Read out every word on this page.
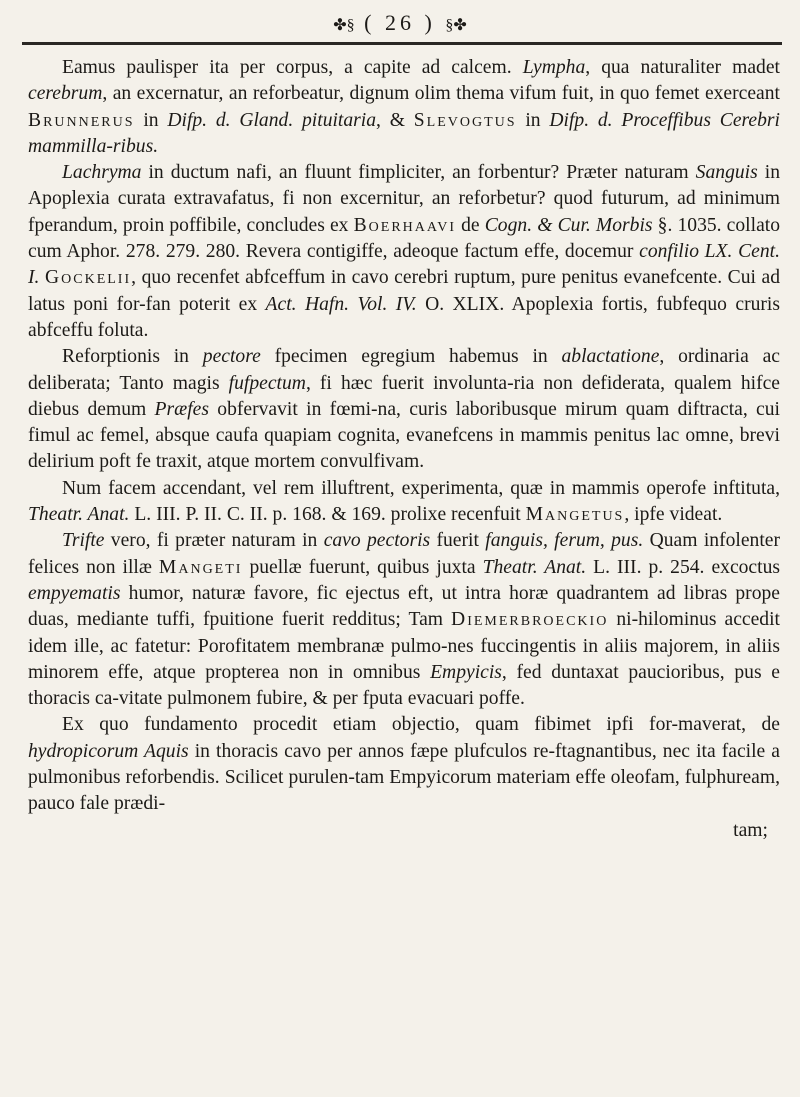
✤§ ( 26 ) §✤

Eamus paulisper ita per corpus, a capite ad calcem. Lympha, qua naturaliter madet cerebrum, an excernatur, an reforbeatur, dignum olim thema vifum fuit, in quo femet exerceant Brunnerus in Difp. d. Gland. pituitaria, & Slevogtus in Difp. d. Proceffibus Cerebri mammilla-ribus.

Lachryma in ductum nafi, an fluunt fimpliciter, an forbentur? Præter naturam Sanguis in Apoplexia curata extravafatus, fi non excernitur, an reforbetur? quod futurum, ad minimum fperandum, proin poffibile, concludes ex Boerhaavi de Cogn. & Cur. Morbis §. 1035. collato cum Aphor. 278. 279. 280. Revera contigiffe, adeoque factum effe, docemur confilio LX. Cent. I. Gockelii, quo recenfet abfceffum in cavo cerebri ruptum, pure penitus evanefcente. Cui ad latus poni for-fan poterit ex Act. Hafn. Vol. IV. O. XLIX. Apoplexia fortis, fubfequo cruris abfceffu foluta.

Reforptionis in pectore fpecimen egregium habemus in ablactatione, ordinaria ac deliberata; Tanto magis fufpectum, fi hæc fuerit involunta-ria non defiderata, qualem hifce diebus demum Præfes obfervavit in fœmi-na, curis laboribusque mirum quam diftracta, cui fimul ac femel, absque caufa quapiam cognita, evanefcens in mammis penitus lac omne, brevi delirium poft fe traxit, atque mortem convulfivam.

Num facem accendant, vel rem illuftrent, experimenta, quæ in mammis operofe inftituta, Theatr. Anat. L. III. P. II. C. II. p. 168. & 169. prolixe recenfuit Mangetus, ipfe videat.

Trifte vero, fi præter naturam in cavo pectoris fuerit fanguis, ferum, pus. Quam infolenter felices non illæ Mangeti puellæ fuerunt, quibus juxta Theatr. Anat. L. III. p. 254. excoctus empyematis humor, naturæ favore, fic ejectus eft, ut intra horæ quadrantem ad libras prope duas, mediante tuffi, fpuitione fuerit redditus; Tam Diemerbroeckio ni-hilominus accedit idem ille, ac fatetur: Porofitatem membranæ pulmo-nes fuccingentis in aliis majorem, in aliis minorem effe, atque propterea non in omnibus Empyicis, fed duntaxat paucioribus, pus e thoracis ca-vitate pulmonem fubire, & per fputa evacuari poffe.

Ex quo fundamento procedit etiam objectio, quam fibimet ipfi for-maverat, de hydropicorum Aquis in thoracis cavo per annos fæpe plufculos re-ftagnantibus, nec ita facile a pulmonibus reforbendis. Scilicet purulen-tam Empyicorum materiam effe oleofam, fulphuream, pauco fale prædi-
tam;
